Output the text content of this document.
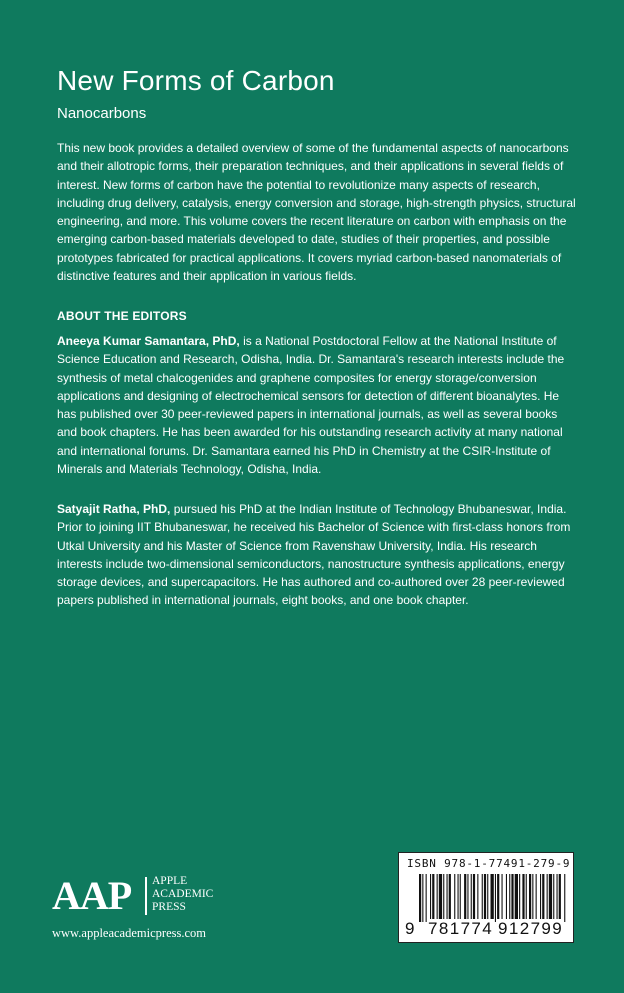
New Forms of Carbon
Nanocarbons

This new book provides a detailed overview of some of the fundamental aspects of nanocarbons and their allotropic forms, their preparation techniques, and their applications in several fields of interest. New forms of carbon have the potential to revolutionize many aspects of research, including drug delivery, catalysis, energy conversion and storage, high-strength physics, structural engineering, and more. This volume covers the recent literature on carbon with emphasis on the emerging carbon-based materials developed to date, studies of their properties, and possible prototypes fabricated for practical applications. It covers myriad carbon-based nanomaterials of distinctive features and their application in various fields.

ABOUT THE EDITORS

Aneeya Kumar Samantara, PhD, is a National Postdoctoral Fellow at the National Institute of Science Education and Research, Odisha, India. Dr. Samantara's research interests include the synthesis of metal chalcogenides and graphene composites for energy storage/conversion applications and designing of electrochemical sensors for detection of different bioanalytes. He has published over 30 peer-reviewed papers in international journals, as well as several books and book chapters. He has been awarded for his outstanding research activity at many national and international forums. Dr. Samantara earned his PhD in Chemistry at the CSIR-Institute of Minerals and Materials Technology, Odisha, India.

Satyajit Ratha, PhD, pursued his PhD at the Indian Institute of Technology Bhubaneswar, India. Prior to joining IIT Bhubaneswar, he received his Bachelor of Science with first-class honors from Utkal University and his Master of Science from Ravenshaw University, India. His research interests include two-dimensional semiconductors, nanostructure synthesis applications, energy storage devices, and supercapacitors. He has authored and co-authored over 28 peer-reviewed papers published in international journals, eight books, and one book chapter.

AAP APPLE
ACADEMIC
PRESS
www.appleacademicpress.com
ISBN 978-1-77491-279-9
9 781774 912799
